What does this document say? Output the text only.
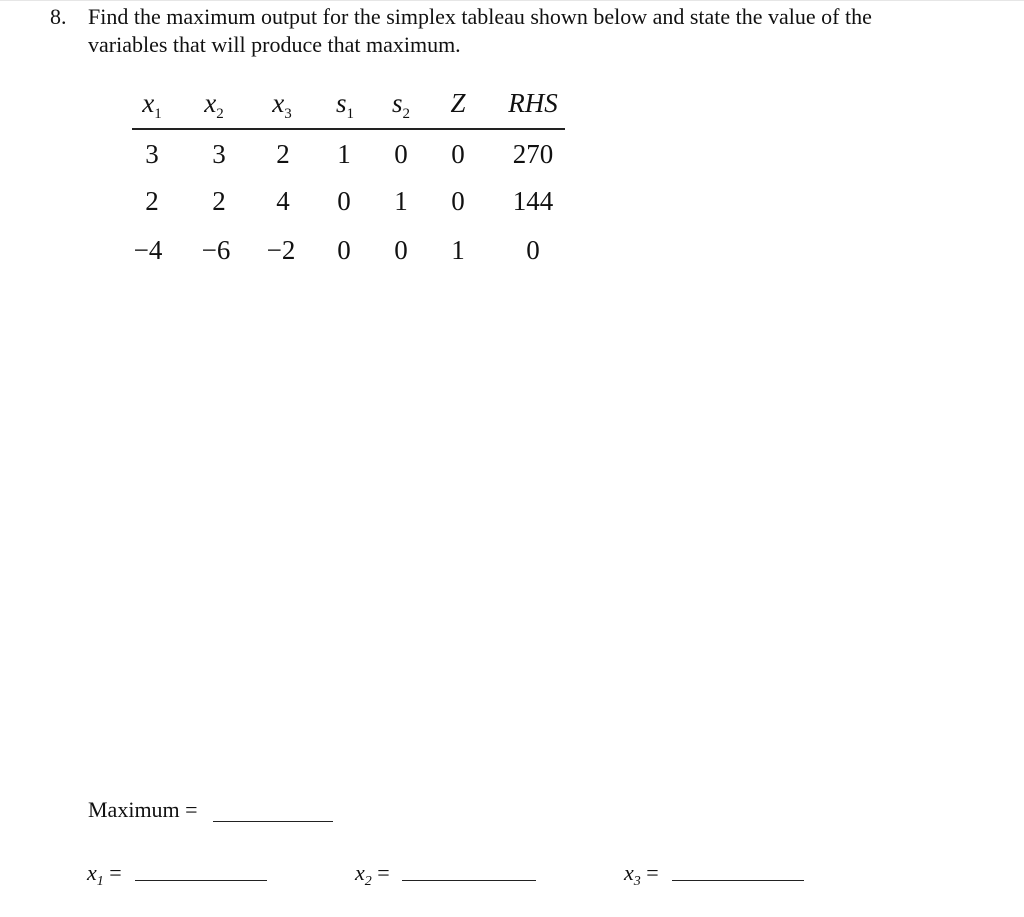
8. Find the maximum output for the simplex tableau shown below and state the value of the
variables that will produce that maximum.
$x_1$ $x_2$ $x_3$ $s_1$ $s_2$ Z RHS
3 3 2 1 0 0 270
2 2 4 0 1 0 144
−4 −6 −2 0 0 1 0
Maximum =
$x_1$ =	$x_2$ =	$x_3$ =
